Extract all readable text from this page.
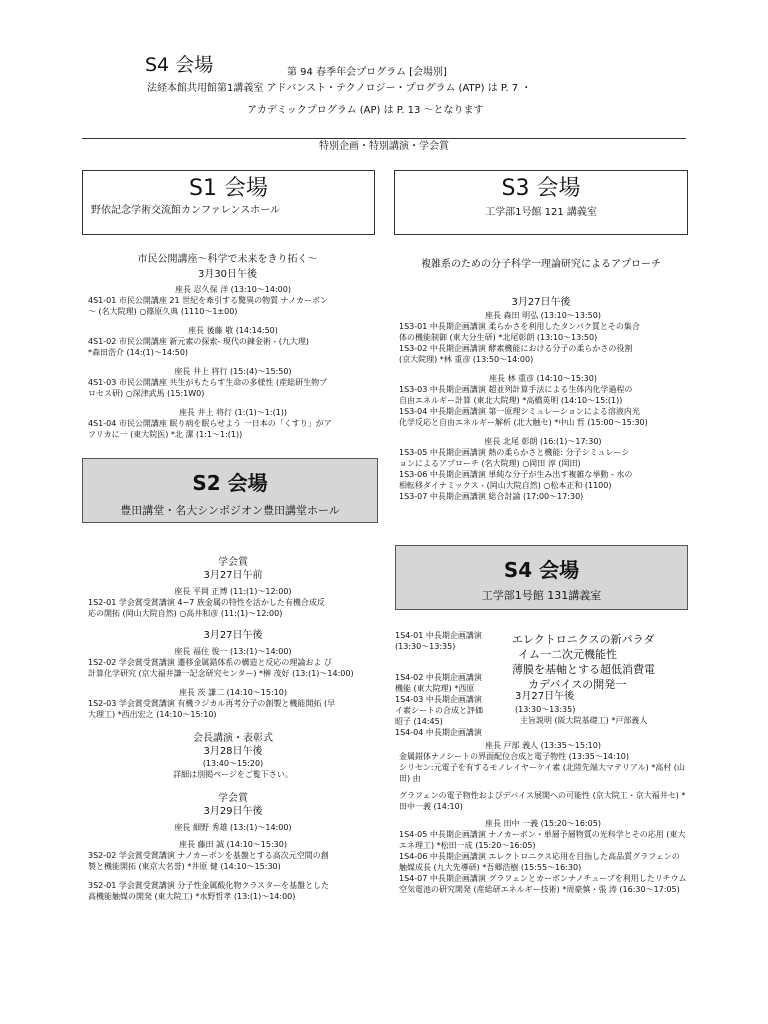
S4 会場	第 94 春季年会プログラム [会場別]
法経本館共用館第1講義室 アドバンスト・テクノロジー・プログラム (ATP) は P. 7 ・
アカデミックプログラム (AP) は P. 13 〜となります
特別企画・特別講演・学会賞
S1 会場
野依記念学術交流館カンファレンスホール
市民公開講座〜科学で未来をきり拓く〜
3月30日午後
座長 忍久保 洋 (13:10〜14:00)
4S1-01 市民公開講座 21 世紀を牽引する驚異の物質 ナノカーボン
〜 (名大院理) ○篠原久典 (1110〜1±00)
座長 後藤 敬 (14:14:50)
4S1-02 市民公開講座 新元素の探索- 現代の錬金術 - (九大理)
*森田浩介 (14:(1)〜14:50)
座長 井上 将行 (15:(4)〜15:50)
4S1-03 市民公開講座 共生がもたらす生命の多様性 (産総研生物プ
ロセス研) ○深津武馬 (15:1W0)
座長 井上 将行 (1:(1)〜1:(1))
4S1-04 市民公開講座 眠り病を眠らせよう 一日本の「くすり」がア
フリカに一 (東大院医) *北 潔 (1:1〜1:(1))
S2 会場
豊田講堂・名大シンポジオン豊田講堂ホール
学会賞
3月27日午前
座長 平岡 正博 (11:(1)〜12:00)
1S2-01 学会賞受賞講演 4−7 族金属の特性を活かした有機合成反
応の開拓 (岡山大院自然) ○高井和彦 (11:(1)〜12:00)
3月27日午後
座長 福住 俊一 (13:(1)〜14:00)
1S2-02 学会賞受賞講演 遷移金属錯体系の構造と反応の理論およ び
計算化学研究 (京大福井謙一記念研究センター) *榊 茂好 (13:(1)〜14:00)
座長 茨 謙二 (14:10〜15:10)
1S2-03 学会賞受賞講演 有機ラジカル再考分子の創製と機能開拓 (早
大理工) *西出宏之 (14:10〜15:10)
会長講演・表彰式
3月28日午後
(13:40〜15:20)
詳細は別掲ページをご覧下さい。
学会賞
3月29日午後
座長 細野 秀雄 (13:(1)〜14:00)
座長 藤田 誠 (14:10〜15:30)
3S2-02 学会賞受賞講演 ナノカーボンを基盤とする高次元空間の創
製と機能開拓 (東京大名誉) *井原 健 (14:10〜15:30)
3S2-01 学会賞受賞講演 分子性金属酸化物クラスターを基盤とした
高機能触媒の開発 (東大院工) *水野哲孝 (13:(1)〜14:00)
S3 会場
工学部1号館 121 講義室
複雑系のための分子科学一理論研究によるアプローチ
3月27日午後
座長 森田 明弘 (13:10〜13:50)
1S3-01 中長期企画講演 柔らかさを利用したタンパク質とその集合
体の機能制御 (東大分生研) *北尾彰朗 (13:10〜13:50)
1S3-02 中長期企画講演 酵素機能における分子の柔らかさの役割
(京大院理) *林 重彦 (13:50〜14:00)
座長 林 重彦 (14:10〜15:30)
1S3-03 中長期企画講演 超並列計算手法による生体内化学過程の
自由エネルギー計算 (東北大院理) *高橋英明 (14:10〜15:(1))
1S3-04 中長期企画講演 第一原理シミュレーションによる溶液内光
化学反応と自由エネルギー解析 (北大触セ) *中山 哲 (15:00〜15:30)
座長 北尾 彰朗 (16:(1)〜17:30)
1S3-05 中長期企画講演 熱の柔らかさと機能: 分子シミュレーシ
ョンによるアプローチ (名大院理) ○岡田 淳 (岡田)
1S3-06 中長期企画講演 単純な分子が生み出す複雑な挙動 - 水の
相転移ダイナミックス - (岡山大院自然) ○松本正和 (1100)
1S3-07 中長期企画講演 総合討論 (17:00〜17:30)
S4 会場
工学部1号館 131講義室
1S4-01 中長期企画講演
(13:30〜13:35)
1S4-02 中長期企画講演
機能 (東大院理) *西原
1S4-03 中長期企画講演
イ素シートの合成と評価
昭子 (14:45)
1S4-04 中長期企画講演
エレクトロニクスの新パラダ
イム一二次元機能性
薄膜を基軸とする超低消費電
カデバイスの開発一
3月27日午後
(13:30〜13:35)
主旨説明 (阪大院基礎工) *戸部義人
座長 戸部 義人 (13:35〜15:10)
金属錯体ナノシートの界面配位合成と電子物性 (13:35〜14:10)
シリセン:元電子を有するモノレイヤーケイ素 (北陸先端大マテリアル) *高村 (山田) 由
グラフェンの電子物性およびデバイス展開への可能性 (京大院工・京大福井セ) *田中一義 (14:10)
座長 田中 一義 (15:20〜16:05)
1S4-05 中長期企画講演 ナノカーボン・単層予層物質の光科学とその応用 (東大エネ理工) *松田一成 (15:20〜16:05)
1S4-06 中長期企画講演 エレクトロニクス応用を目指した高品質グラフェンの触媒成長 (九大先導研) *吾郷浩樹 (15:55〜16:30)
1S4-07 中長期企画講演 グラフェンとカーボンナノチューブを利用したリチウム空気電池の研究開発 (産総研エネルギー技術) *周豪慎・張 涛 (16:30〜17:05)
